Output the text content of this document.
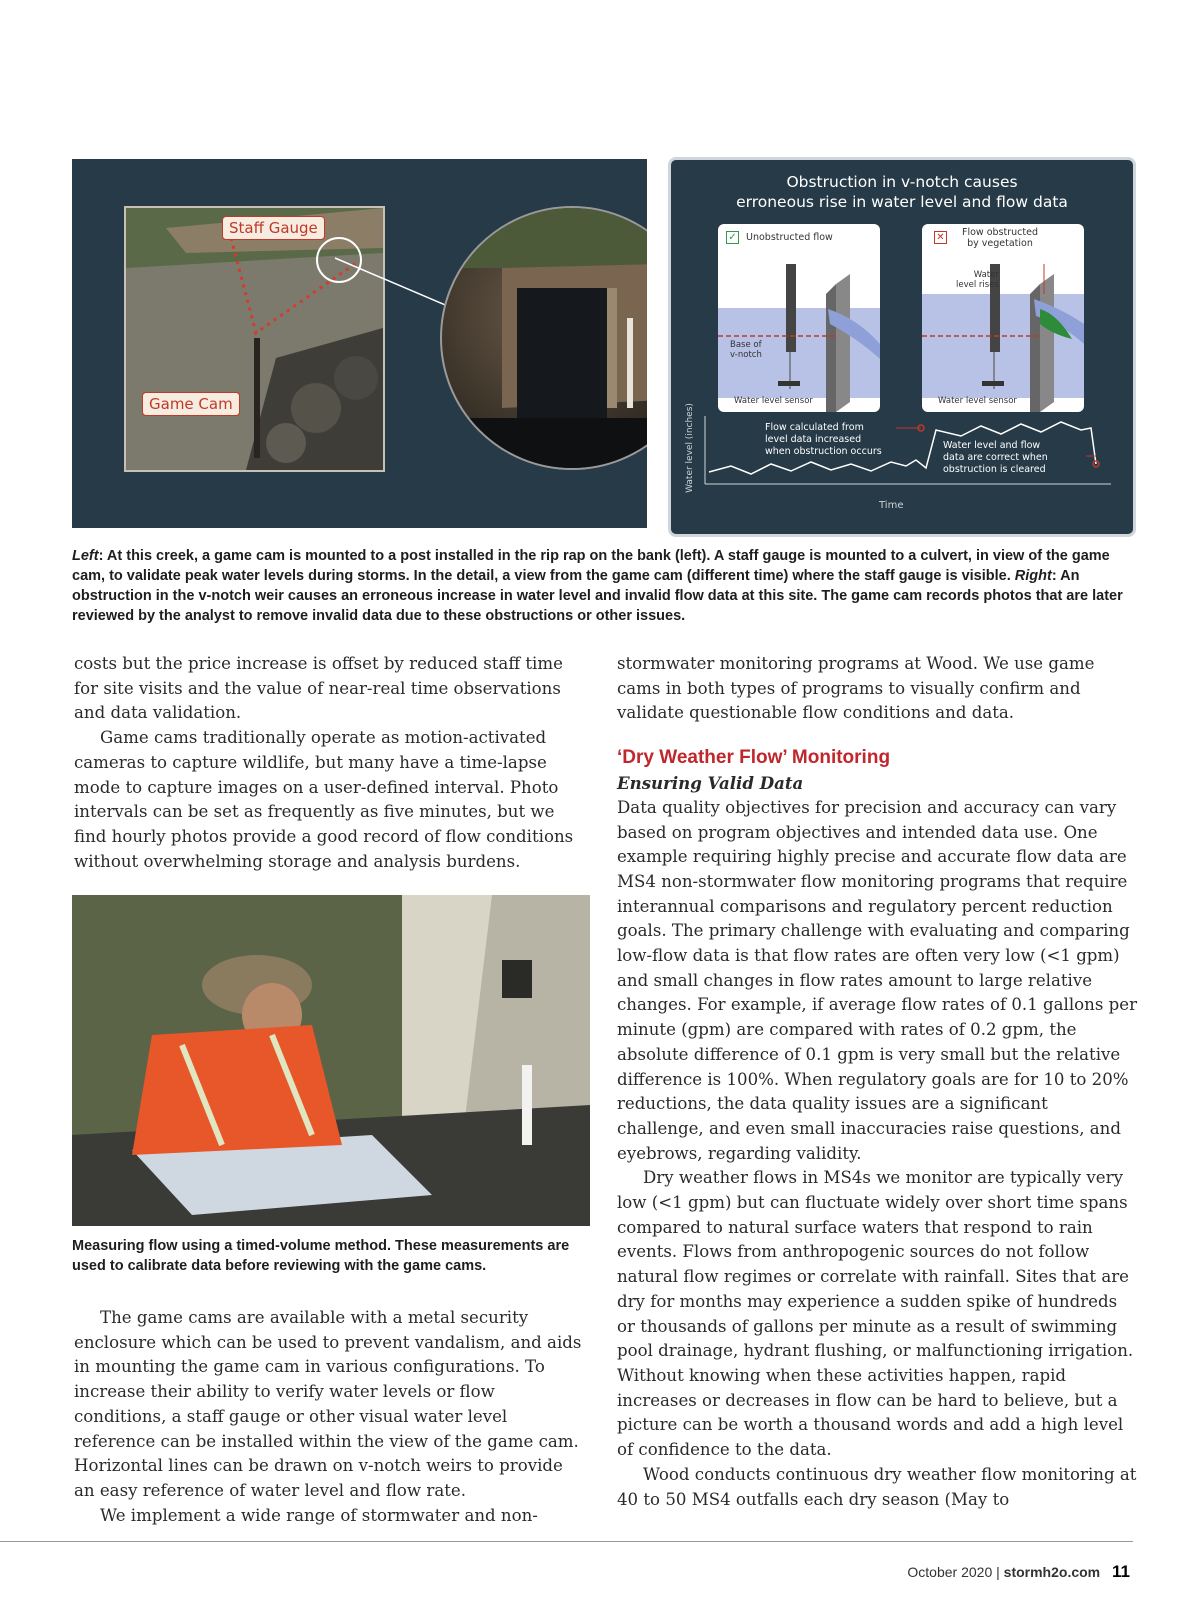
Staff Gauge
Game Cam
Obstruction in v-notch causes
erroneous rise in water level and flow data
✓ Unobstructed flow
Base of
v-notch
Water level sensor
✕ Flow obstructed
by vegetation
Water
level rises
Water level sensor
Flow calculated from
level data increased
when obstruction occurs
Water level and flow
data are correct when
obstruction is cleared
Water level (inches)
Time
Left: At this creek, a game cam is mounted to a post installed in the rip rap on the bank (left). A staff gauge is mounted to a culvert, in view of the game cam, to validate peak water levels during storms. In the detail, a view from the game cam (different time) where the staff gauge is visible. Right: An obstruction in the v-notch weir causes an erroneous increase in water level and invalid flow data at this site. The game cam records photos that are later reviewed by the analyst to remove invalid data due to these obstructions or other issues.

costs but the price increase is offset by reduced staff time for site visits and the value of near-real time observations and data validation.

Game cams traditionally operate as motion-activated cameras to capture wildlife, but many have a time-lapse mode to capture images on a user-defined interval. Photo intervals can be set as frequently as five minutes, but we find hourly photos provide a good record of flow conditions without overwhelming storage and analysis burdens.

Measuring flow using a timed-volume method. These measurements are used to calibrate data before reviewing with the game cams.

The game cams are available with a metal security enclosure which can be used to prevent vandalism, and aids in mounting the game cam in various configurations. To increase their ability to verify water levels or flow conditions, a staff gauge or other visual water level reference can be installed within the view of the game cam. Horizontal lines can be drawn on v-notch weirs to provide an easy reference of water level and flow rate.

We implement a wide range of stormwater and non-

stormwater monitoring programs at Wood. We use game cams in both types of programs to visually confirm and validate questionable flow conditions and data.

‘Dry Weather Flow’ Monitoring

Ensuring Valid Data

Data quality objectives for precision and accuracy can vary based on program objectives and intended data use. One example requiring highly precise and accurate flow data are MS4 non-stormwater flow monitoring programs that require interannual comparisons and regulatory percent reduction goals. The primary challenge with evaluating and comparing low-flow data is that flow rates are often very low (<1 gpm) and small changes in flow rates amount to large relative changes. For example, if average flow rates of 0.1 gallons per minute (gpm) are compared with rates of 0.2 gpm, the absolute difference of 0.1 gpm is very small but the relative difference is 100%. When regulatory goals are for 10 to 20% reductions, the data quality issues are a significant challenge, and even small inaccuracies raise questions, and eyebrows, regarding validity.

Dry weather flows in MS4s we monitor are typically very low (<1 gpm) but can fluctuate widely over short time spans compared to natural surface waters that respond to rain events. Flows from anthropogenic sources do not follow natural flow regimes or correlate with rainfall. Sites that are dry for months may experience a sudden spike of hundreds or thousands of gallons per minute as a result of swimming pool drainage, hydrant flushing, or malfunctioning irrigation. Without knowing when these activities happen, rapid increases or decreases in flow can be hard to believe, but a picture can be worth a thousand words and add a high level of confidence to the data.

Wood conducts continuous dry weather flow monitoring at 40 to 50 MS4 outfalls each dry season (May to

October 2020 | stormh2o.com 11
